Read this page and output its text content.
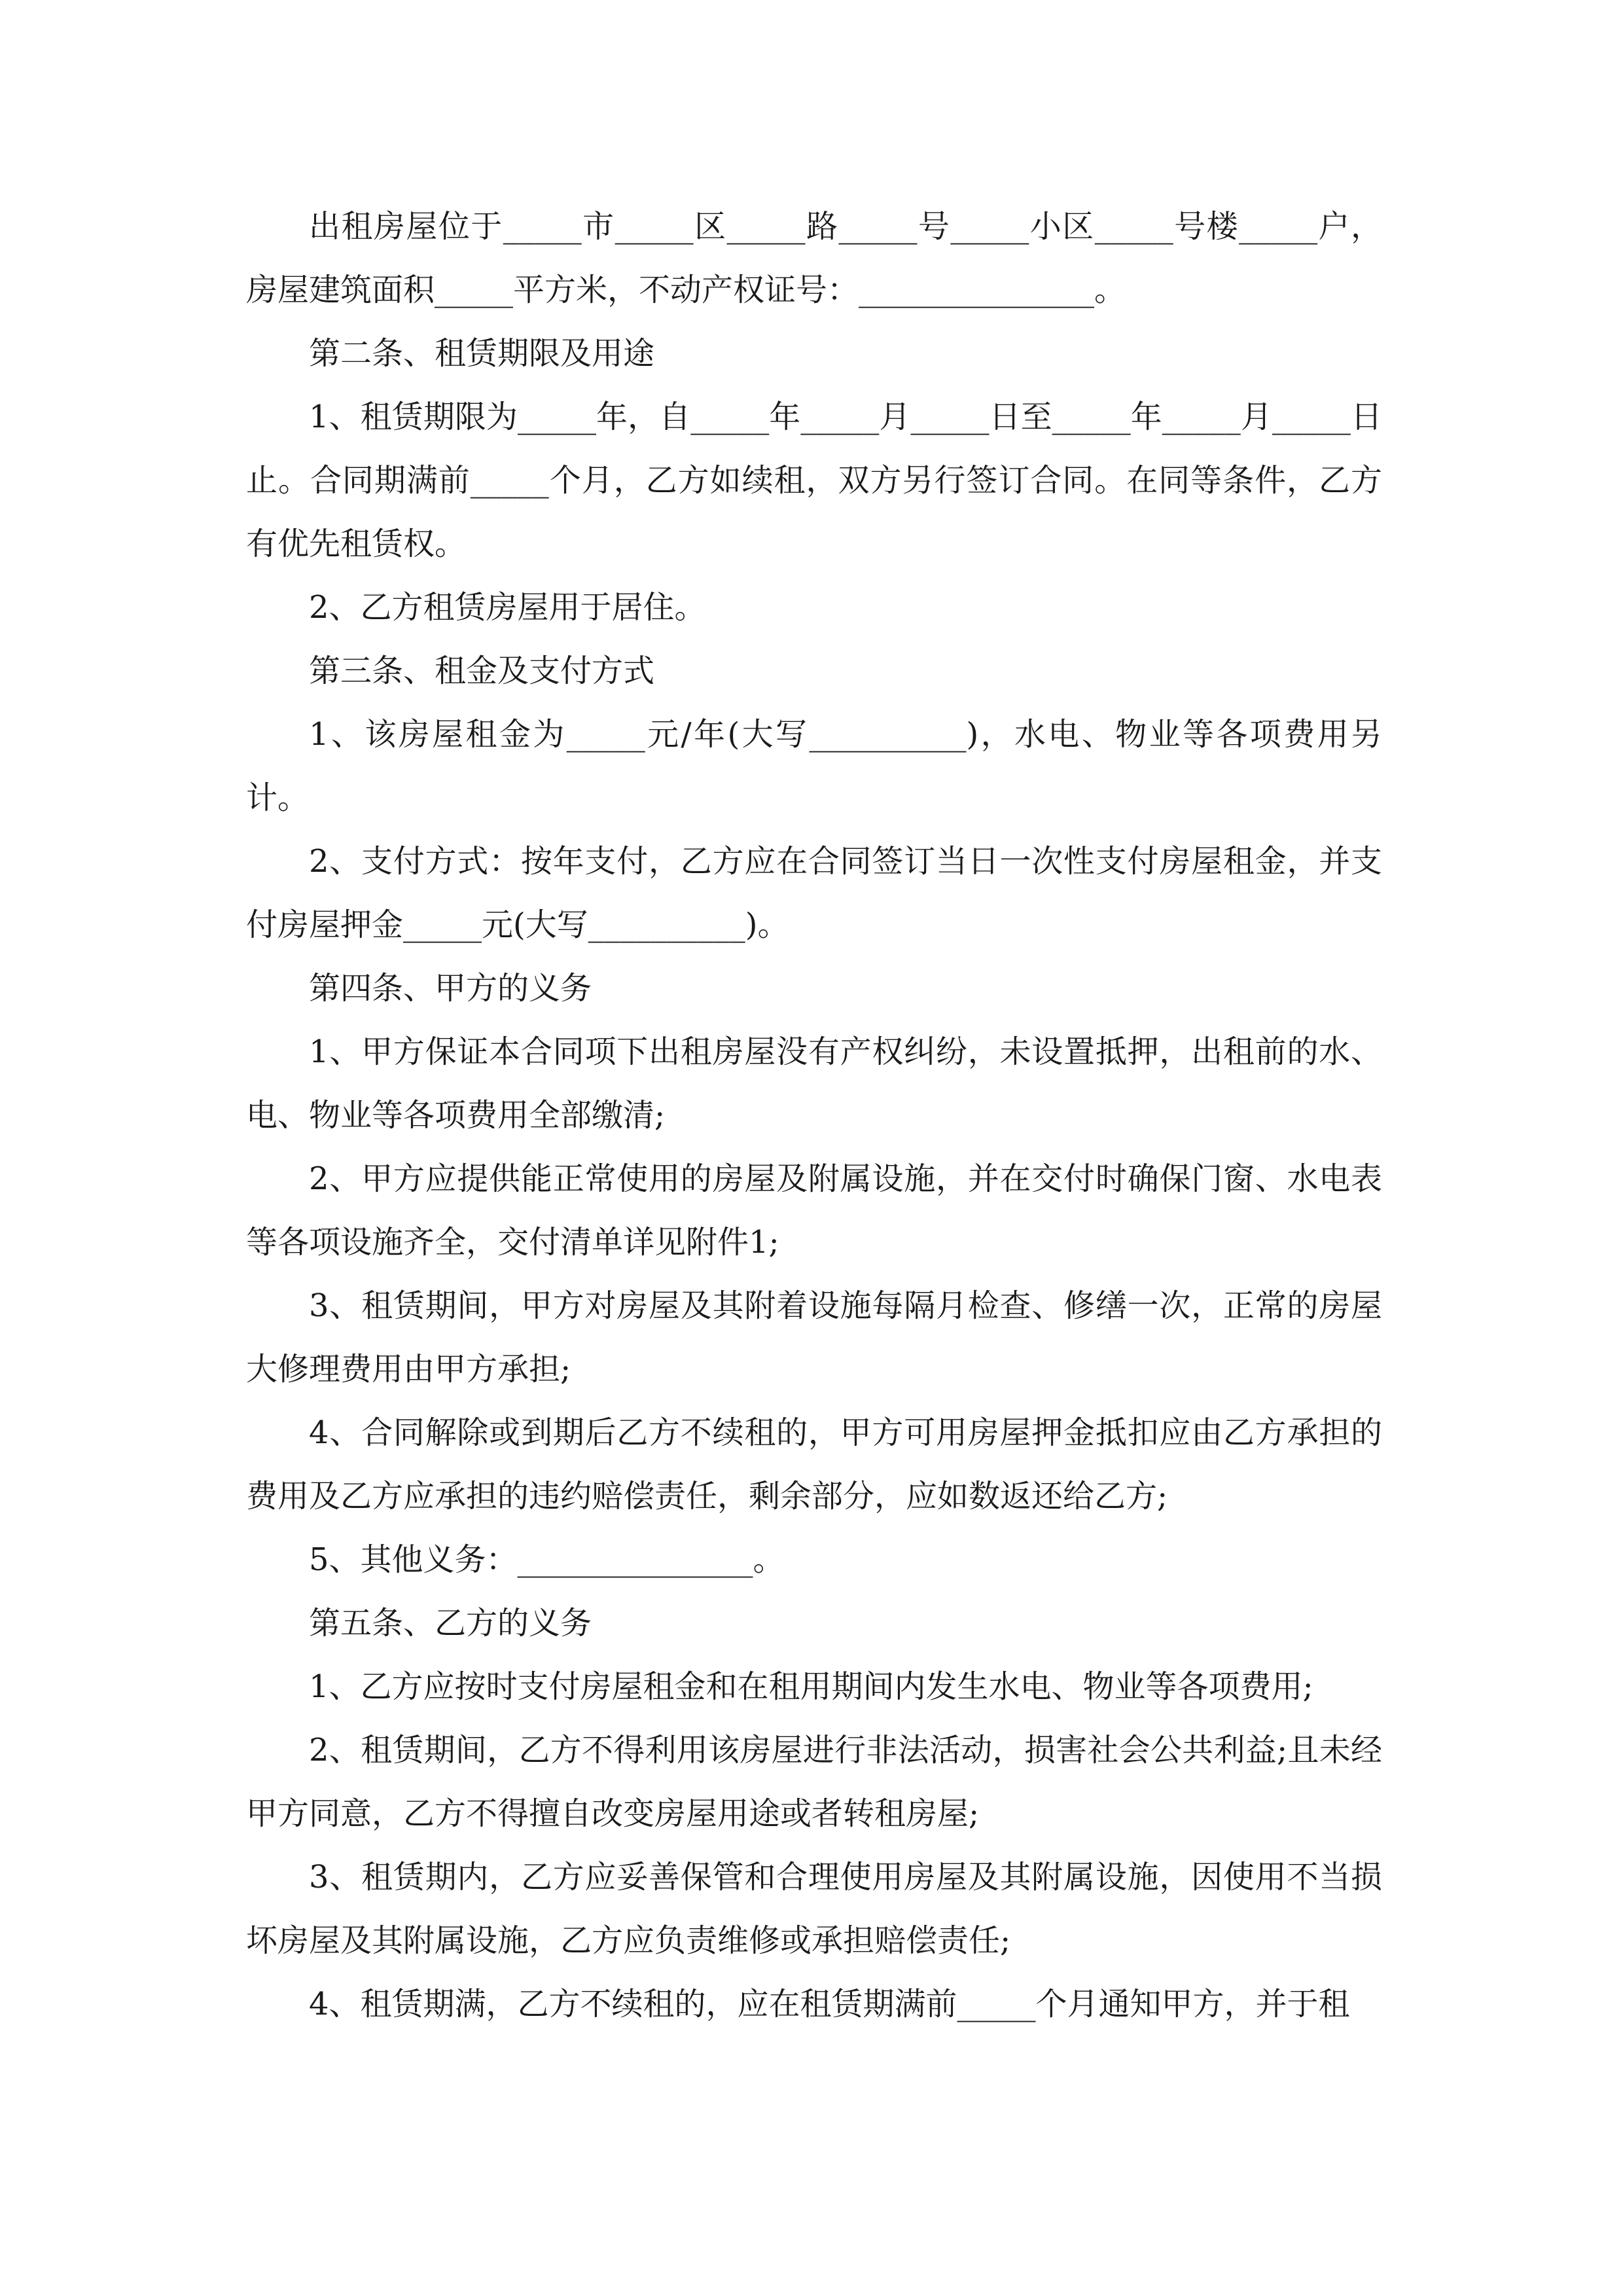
出租房屋位于_____市_____区_____路_____号_____小区_____号楼_____户，房屋建筑面积_____平方米，不动产权证号：_______________。

第二条、租赁期限及用途

1、租赁期限为_____年，自_____年_____月_____日至_____年_____月_____日止。合同期满前_____个月，乙方如续租，双方另行签订合同。在同等条件，乙方有优先租赁权。

2、乙方租赁房屋用于居住。

第三条、租金及支付方式

1、该房屋租金为_____元/年(大写__________)，水电、物业等各项费用另计。

2、支付方式：按年支付，乙方应在合同签订当日一次性支付房屋租金，并支付房屋押金_____元(大写__________)。

第四条、甲方的义务

1、甲方保证本合同项下出租房屋没有产权纠纷，未设置抵押，出租前的水、电、物业等各项费用全部缴清;

2、甲方应提供能正常使用的房屋及附属设施，并在交付时确保门窗、水电表等各项设施齐全，交付清单详见附件1;

3、租赁期间，甲方对房屋及其附着设施每隔月检查、修缮一次，正常的房屋大修理费用由甲方承担;

4、合同解除或到期后乙方不续租的，甲方可用房屋押金抵扣应由乙方承担的费用及乙方应承担的违约赔偿责任，剩余部分，应如数返还给乙方;

5、其他义务：_______________。

第五条、乙方的义务

1、乙方应按时支付房屋租金和在租用期间内发生水电、物业等各项费用;

2、租赁期间，乙方不得利用该房屋进行非法活动，损害社会公共利益;且未经甲方同意，乙方不得擅自改变房屋用途或者转租房屋;

3、租赁期内，乙方应妥善保管和合理使用房屋及其附属设施，因使用不当损坏房屋及其附属设施，乙方应负责维修或承担赔偿责任;

4、租赁期满，乙方不续租的，应在租赁期满前_____个月通知甲方，并于租
